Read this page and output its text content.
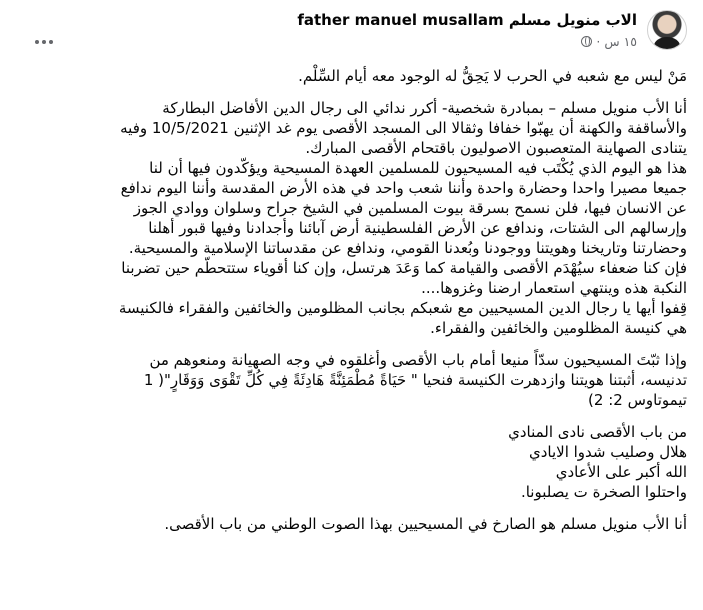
الاب منويل مسلم father manuel musallam
١٥ س ·

مَنْ ليس مع شعبه في الحرب لا يَحِقُّ له الوجود معه أيام السِّلْم.

أنا الأب منويل مسلم – بمبادرة شخصية- أكرر ندائي الى رجال الدين الأفاضل البطاركة

والأساقفة والكهنة أن يهبّوا خفافا وثقالا الى المسجد الأقصى يوم غد الإثنين 10/5/2021 وفيه

يتنادى الصهاينة المتعصبون الاصوليون باقتحام الأقصى المبارك.

هذا هو اليوم الذي يُكْتَب فيه المسيحيون للمسلمين العهدة المسيحية ويؤكّدون فيها أن لنا

جميعا مصيرا واحدا وحضارة واحدة وأننا شعب واحد في هذه الأرض المقدسة وأننا اليوم ندافع

عن الانسان فيها، فلن نسمح بسرقة بيوت المسلمين في الشيخ جراح وسلوان ووادي الجوز

وإرسالهم الى الشتات، وندافع عن الأرض الفلسطينية أرض آبائنا وأجدادنا وفيها قبور أهلنا

وحضارتنا وتاريخنا وهويتنا ووجودنا وبُعدنا القومي، وندافع عن مقدساتنا الإسلامية والمسيحية.

فإن كنا ضعفاء سيُهْدَم الأقصى والقيامة كما وَعَدَ هرتسل، وإن كنا أقوياء ستتحطّم حين تضربنا

النكبة هذه وينتهي استعمار ارضنا وغزوها....

قِفوا أيها يا رجال الدين المسيحيين مع شعبكم بجانب المظلومين والخائفين والفقراء فالكنيسة

هي كنيسة المظلومين والخائفين والفقراء.

وإذا ثبّتَ المسيحيون سدّاً منيعا أمام باب الأقصى وأغلقوه في وجه الصهيانة ومنعوهم من

تدنيسه، أثبتنا هويتنا وازدهرت الكنيسة فنحيا " حَيَاةً مُطْمَئِنَّةً هَادِئَةً فِي كُلِّ تَقْوَى وَوَقَارٍ"( 1

تيموتاوس 2: 2)

من باب الأقصى نادى المنادي

هلال وصليب شدوا الايادي

الله أكبر على الأعادي

واحتلوا الصخرة ت يصلبونا.

أنا الأب منويل مسلم هو الصارخ في المسيحيين بهذا الصوت الوطني من باب الأقصى.
